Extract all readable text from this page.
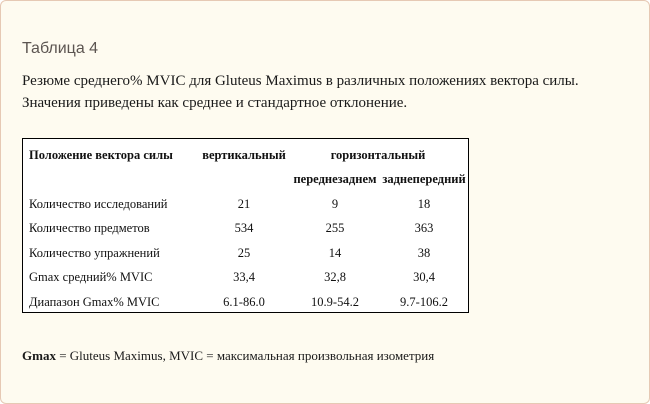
Таблица 4
Резюме среднего% MVIC для Gluteus Maximus в различных положениях вектора силы.
Значения приведены как среднее и стандартное отклонение.
Положение вектора силы	вертикальный	горизонтальный	
		переднезаднем	заднепередний
Количество исследований	21	9	18
Количество предметов	534	255	363
Количество упражнений	25	14	38
Gmax средний% MVIC	33,4	32,8	30,4
Диапазон Gmax% MVIC	6.1-86.0	10.9-54.2	9.7-106.2
Gmax = Gluteus Maximus, MVIC = максимальная произвольная изометрия
